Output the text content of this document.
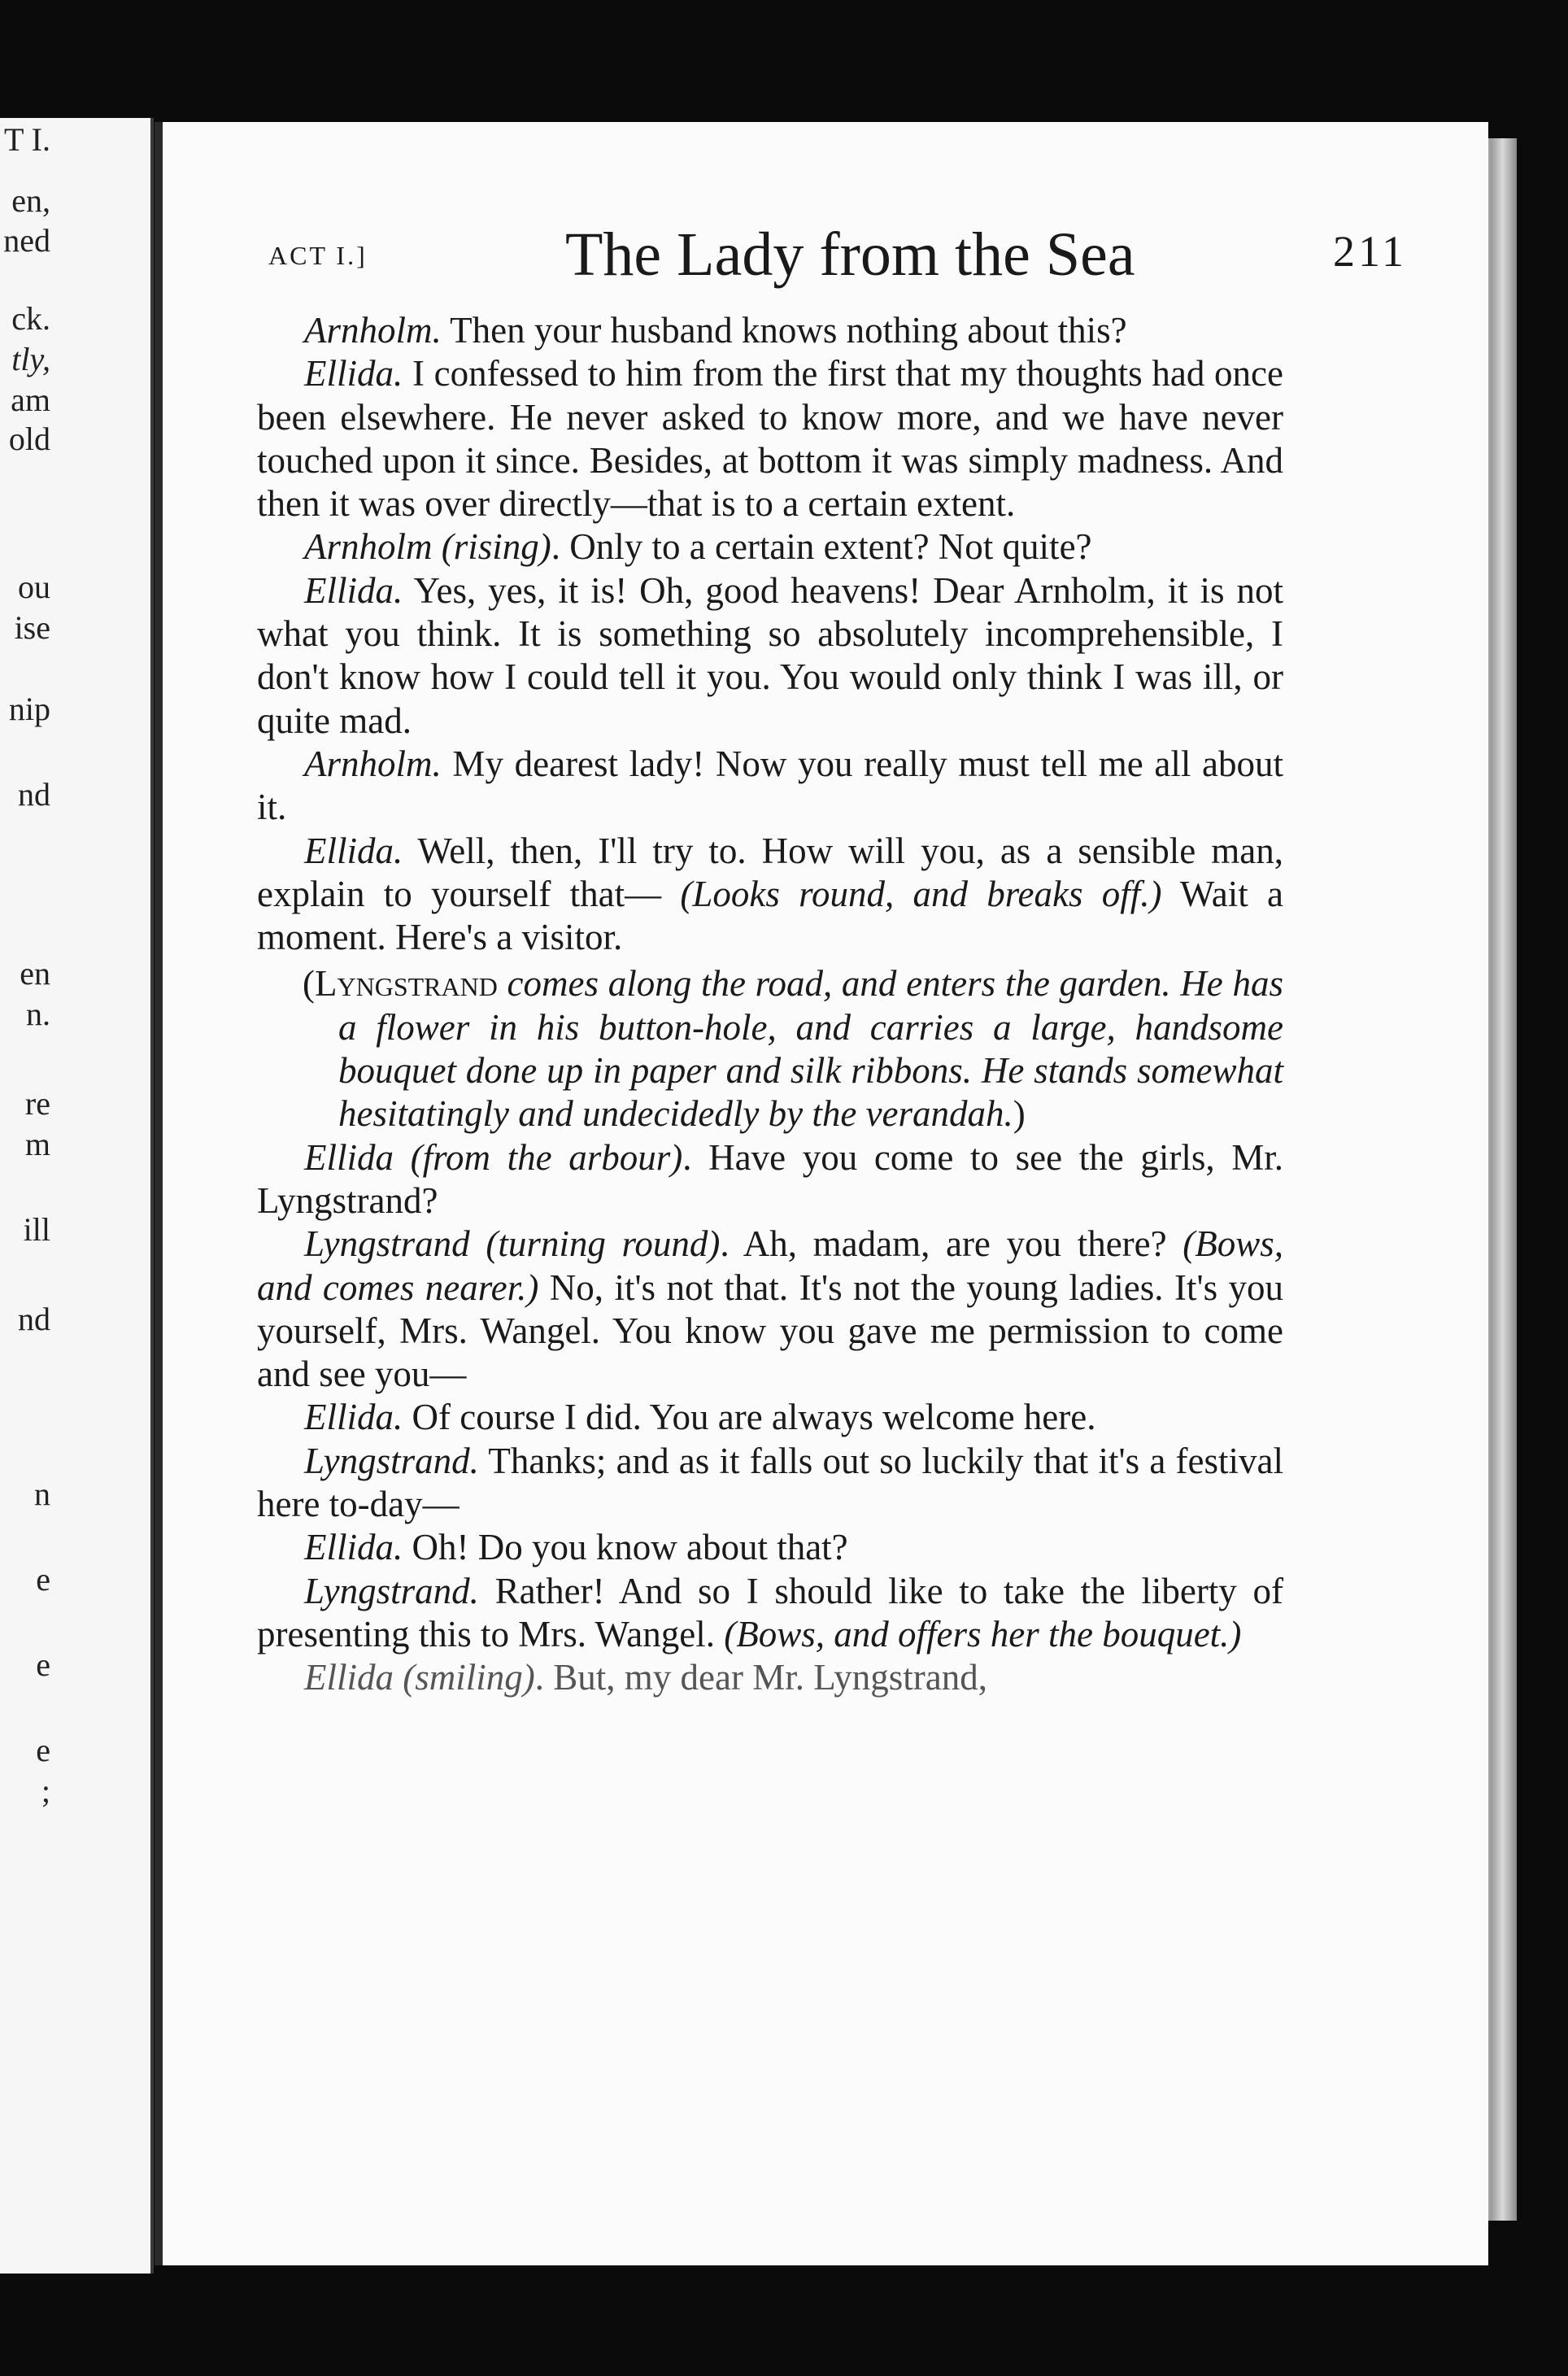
T I.
en,
ned
ck.
tly,
am
old
ou
ise
nip
nd
en
n.
re
m
ill
nd
n
e
e
e
;
ACT I.]	The Lady from the Sea	211

Arnholm. Then your husband knows nothing about this?

Ellida. I confessed to him from the first that my thoughts had once been elsewhere. He never asked to know more, and we have never touched upon it since. Besides, at bottom it was simply madness. And then it was over directly—that is to a certain extent.

Arnholm (rising). Only to a certain extent? Not quite?

Ellida. Yes, yes, it is! Oh, good heavens! Dear Arnholm, it is not what you think. It is something so absolutely incomprehensible, I don't know how I could tell it you. You would only think I was ill, or quite mad.

Arnholm. My dearest lady! Now you really must tell me all about it.

Ellida. Well, then, I'll try to. How will you, as a sensible man, explain to yourself that— (Looks round, and breaks off.) Wait a moment. Here's a visitor.

(Lyngstrand comes along the road, and enters the garden. He has a flower in his button-hole, and carries a large, handsome bouquet done up in paper and silk ribbons. He stands somewhat hesitatingly and undecidedly by the verandah.)

Ellida (from the arbour). Have you come to see the girls, Mr. Lyngstrand?

Lyngstrand (turning round). Ah, madam, are you there? (Bows, and comes nearer.) No, it's not that. It's not the young ladies. It's you yourself, Mrs. Wangel. You know you gave me permission to come and see you—

Ellida. Of course I did. You are always welcome here.

Lyngstrand. Thanks; and as it falls out so luckily that it's a festival here to-day—

Ellida. Oh! Do you know about that?

Lyngstrand. Rather! And so I should like to take the liberty of presenting this to Mrs. Wangel. (Bows, and offers her the bouquet.)

Ellida (smiling). But, my dear Mr. Lyngstrand,
